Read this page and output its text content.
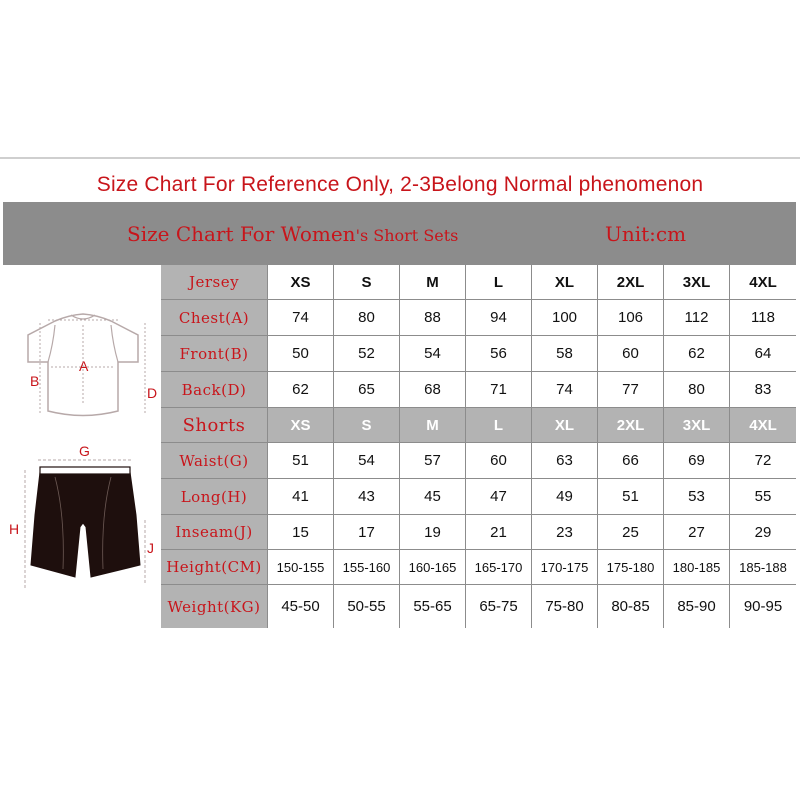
Size Chart For Reference Only, 2-3Belong Normal phenomenon
Size Chart For Women's Short Sets	Unit:cm
A
B
D
G
H
J
Jersey	XS	S	M	L	XL	2XL	3XL	4XL
Chest(A)	74	80	88	94	100	106	112	118
Front(B)	50	52	54	56	58	60	62	64
Back(D)	62	65	68	71	74	77	80	83
Shorts	XS	S	M	L	XL	2XL	3XL	4XL
Waist(G)	51	54	57	60	63	66	69	72
Long(H)	41	43	45	47	49	51	53	55
Inseam(J)	15	17	19	21	23	25	27	29
Height(CM)	150-155	155-160	160-165	165-170	170-175	175-180	180-185	185-188
Weight(KG)	45-50	50-55	55-65	65-75	75-80	80-85	85-90	90-95
